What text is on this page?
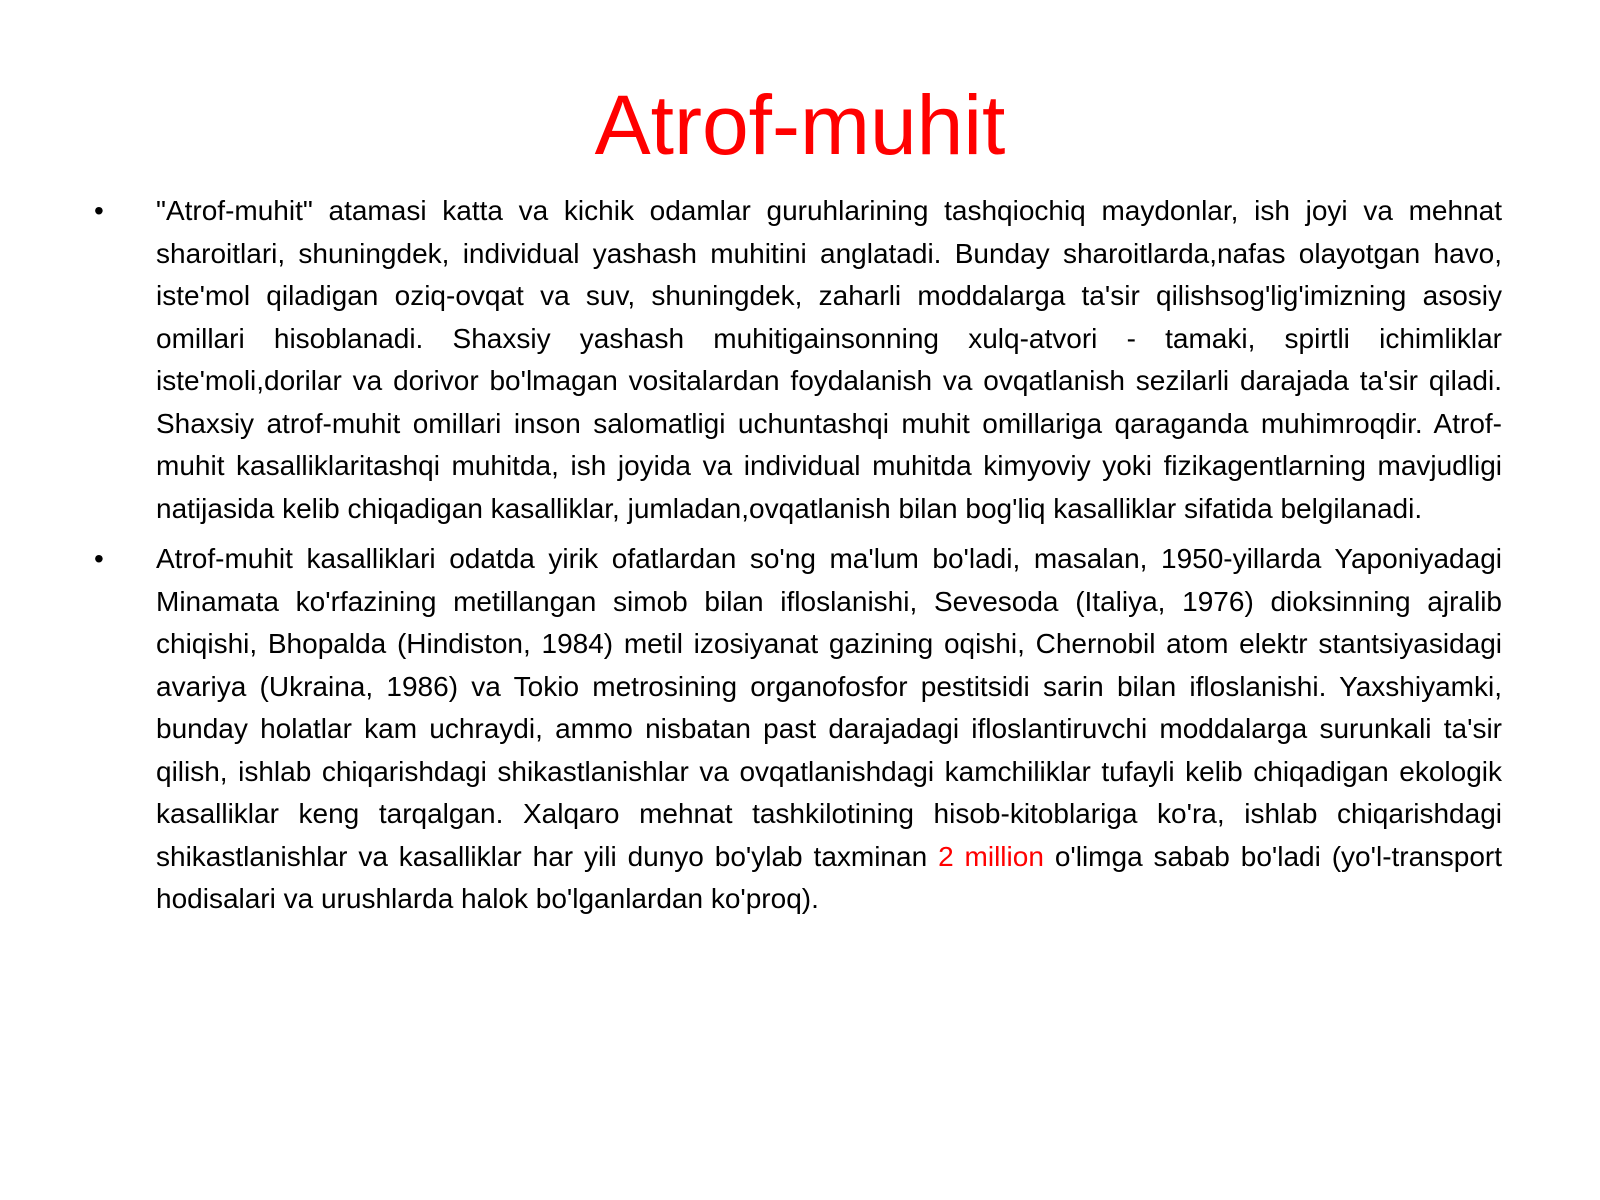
Atrof-muhit
• "Atrof-muhit" atamasi katta va kichik odamlar guruhlarining tashqiochiq maydonlar, ish joyi va mehnat sharoitlari, shuningdek, individual yashash muhitini anglatadi. Bunday sharoitlarda,nafas olayotgan havo, iste'mol qiladigan oziq-ovqat va suv, shuningdek, zaharli moddalarga ta'sir qilishsog'lig'imizning asosiy omillari hisoblanadi. Shaxsiy yashash muhitigainsonning xulq-atvori - tamaki, spirtli ichimliklar iste'moli,dorilar va dorivor bo'lmagan vositalardan foydalanish va ovqatlanish sezilarli darajada ta'sir qiladi. Shaxsiy atrof-muhit omillari inson salomatligi uchuntashqi muhit omillariga qaraganda muhimroqdir. Atrof-muhit kasalliklaritashqi muhitda, ish joyida va individual muhitda kimyoviy yoki fizikagentlarning mavjudligi natijasida kelib chiqadigan kasalliklar, jumladan,ovqatlanish bilan bog'liq kasalliklar sifatida belgilanadi.
• Atrof-muhit kasalliklari odatda yirik ofatlardan so'ng ma'lum bo'ladi, masalan, 1950-yillarda Yaponiyadagi Minamata ko'rfazining metillangan simob bilan ifloslanishi, Sevesoda (Italiya, 1976) dioksinning ajralib chiqishi, Bhopalda (Hindiston, 1984) metil izosiyanat gazining oqishi, Chernobil atom elektr stantsiyasidagi avariya (Ukraina, 1986) va Tokio metrosining organofosfor pestitsidi sarin bilan ifloslanishi. Yaxshiyamki, bunday holatlar kam uchraydi, ammo nisbatan past darajadagi ifloslantiruvchi moddalarga surunkali ta'sir qilish, ishlab chiqarishdagi shikastlanishlar va ovqatlanishdagi kamchiliklar tufayli kelib chiqadigan ekologik kasalliklar keng tarqalgan. Xalqaro mehnat tashkilotining hisob-kitoblariga ko'ra, ishlab chiqarishdagi shikastlanishlar va kasalliklar har yili dunyo bo'ylab taxminan 2 million o'limga sabab bo'ladi (yo'l-transport hodisalari va urushlarda halok bo'lganlardan ko'proq).
